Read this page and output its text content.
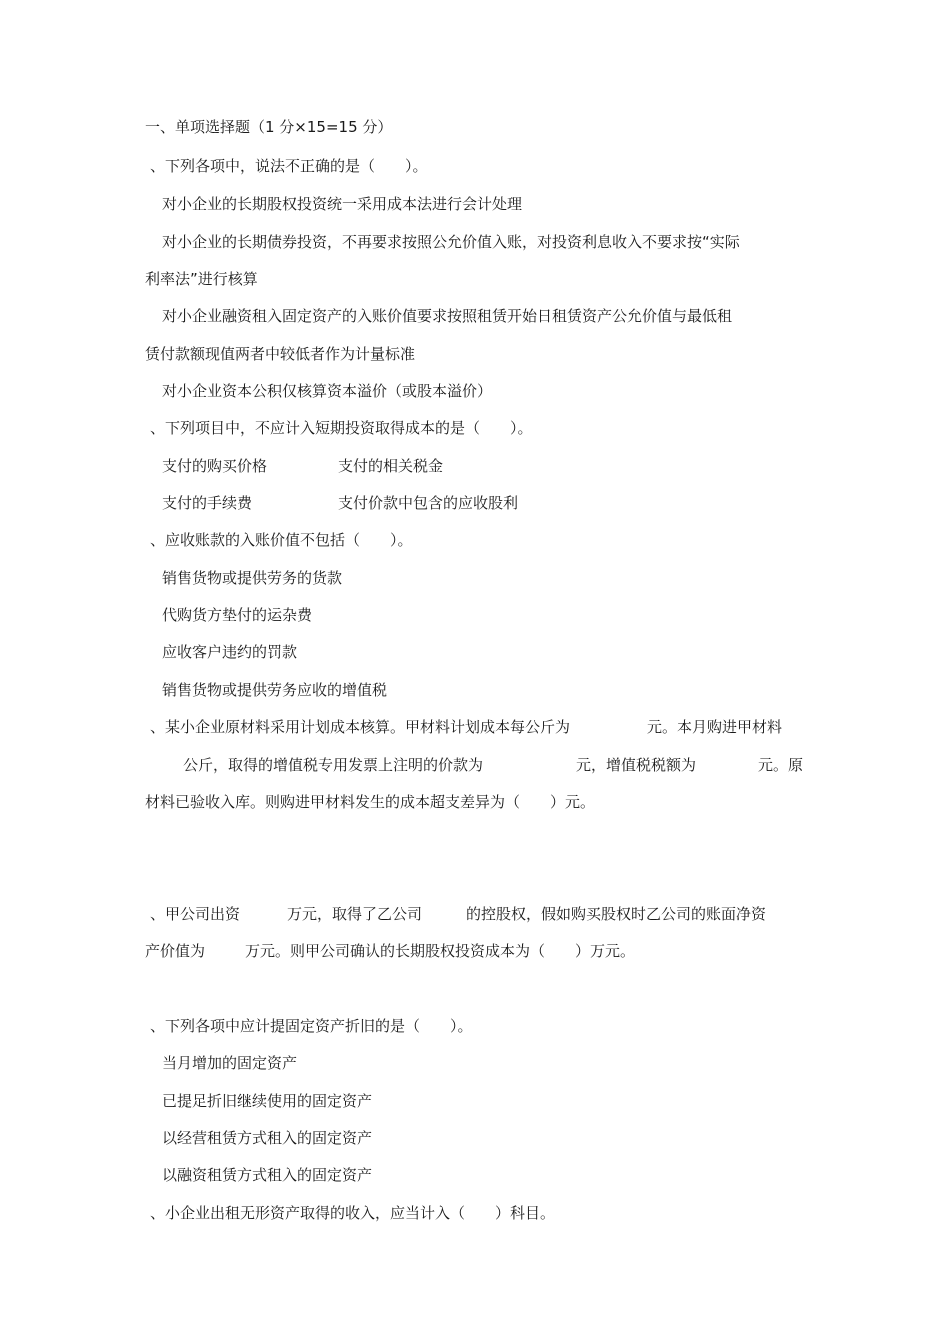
一、单项选择题（1 分×15=15 分）
、下列各项中，说法不正确的是（　　）。
对小企业的长期股权投资统一采用成本法进行会计处理
对小企业的长期债券投资，不再要求按照公允价值入账，对投资利息收入不要求按“实际
利率法”进行核算
对小企业融资租入固定资产的入账价值要求按照租赁开始日租赁资产公允价值与最低租
赁付款额现值两者中较低者作为计量标准
对小企业资本公积仅核算资本溢价（或股本溢价）
、下列项目中，不应计入短期投资取得成本的是（　　）。
支付的购买价格	支付的相关税金
支付的手续费	支付价款中包含的应收股利
、应收账款的入账价值不包括（　　）。
销售货物或提供劳务的货款
代购货方垫付的运杂费
应收客户违约的罚款
销售货物或提供劳务应收的增值税
、某小企业原材料采用计划成本核算。甲材料计划成本每公斤为	元。本月购进甲材料
公斤，取得的增值税专用发票上注明的价款为	元，增值税税额为	元。原
材料已验收入库。则购进甲材料发生的成本超支差异为（　　）元。
、甲公司出资	万元，取得了乙公司	的控股权，假如购买股权时乙公司的账面净资
产价值为	万元。则甲公司确认的长期股权投资成本为（　　）万元。
、下列各项中应计提固定资产折旧的是（　　）。
当月增加的固定资产
已提足折旧继续使用的固定资产
以经营租赁方式租入的固定资产
以融资租赁方式租入的固定资产
、小企业出租无形资产取得的收入，应当计入（　　）科目。
